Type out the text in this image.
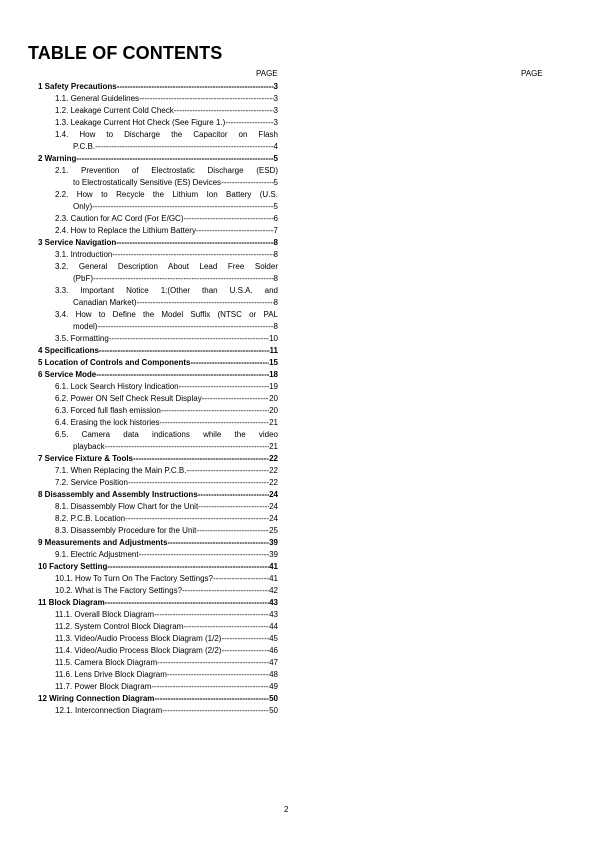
TABLE OF CONTENTS
PAGE	PAGE
1 Safety Precautions -----	3
1.1. General Guidelines -----	3
1.2. Leakage Current Cold Check -----	3
1.3. Leakage Current Hot Check (See Figure 1.) -----	3
1.4. How to Discharge the Capacitor on Flash
P.C.B. -----	4
2 Warning -----	5
2.1. Prevention of Electrostatic Discharge (ESD)
to Electrostatically Sensitive (ES) Devices -----	5
2.2. How to Recycle the Lithium Ion Battery (U.S.
Only) -----	5
2.3. Caution for AC Cord (For E/GC) -----	6
2.4. How to Replace the Lithium Battery -----	7
3 Service Navigation -----	8
3.1. Introduction -----	8
3.2. General Description About Lead Free Solder
(PbF) -----	8
3.3. Important Notice 1:(Other than U.S.A. and
Canadian Market) -----	8
3.4. How to Define the Model Suffix (NTSC or PAL
model) -----	8
3.5. Formatting -----	10
4 Specifications -----	11
5 Location of Controls and Components -----	15
6 Service Mode -----	18
6.1. Lock Search History Indication -----	19
6.2. Power ON Self Check Result Display -----	20
6.3. Forced full flash emission -----	20
6.4. Erasing the lock histories -----	21
6.5. Camera data indications while the video
playback -----	21
7 Service Fixture & Tools -----	22
7.1. When Replacing the Main P.C.B. -----	22
7.2. Service Position -----	22
8 Disassembly and Assembly Instructions -----	24
8.1. Disassembly Flow Chart for the Unit -----	24
8.2. P.C.B. Location -----	24
8.3. Disassembly Procedure for the Unit -----	25
9 Measurements and Adjustments -----	39
9.1. Electric Adjustment -----	39
10 Factory Setting -----	41
10.1. How To Turn On The Factory Settings? -----	41
10.2. What is The Factory Settings? -----	42
11 Block Diagram -----	43
11.1. Overall Block Diagram -----	43
11.2. System Control Block Diagram -----	44
11.3. Video/Audio Process Block Diagram (1/2) -----	45
11.4. Video/Audio Process Block Diagram (2/2) -----	46
11.5. Camera Block Diagram -----	47
11.6. Lens Drive Block Diagram -----	48
11.7. Power Block Diagram -----	49
12 Wiring Connection Diagram -----	50
12.1. Interconnection Diagram -----	50
2
